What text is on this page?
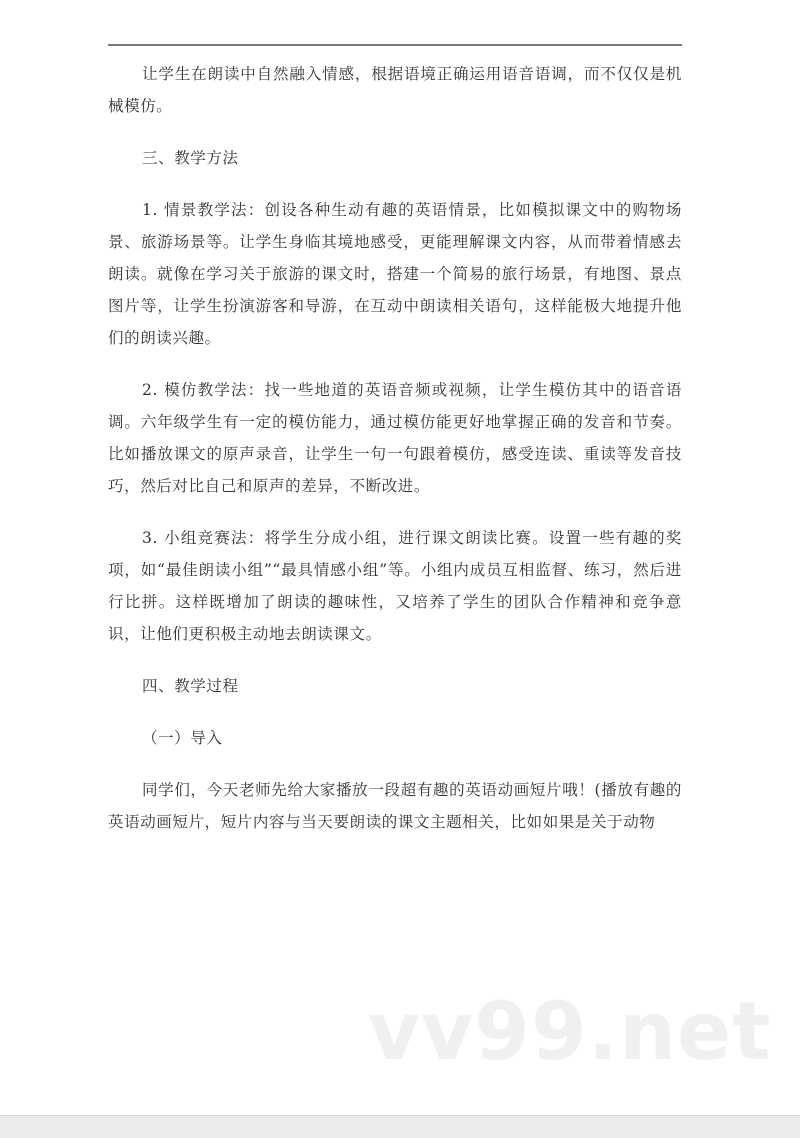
让学生在朗读中自然融入情感，根据语境正确运用语音语调，而不仅仅是机械模仿。

三、教学方法

1. 情景教学法：创设各种生动有趣的英语情景，比如模拟课文中的购物场景、旅游场景等。让学生身临其境地感受，更能理解课文内容，从而带着情感去朗读。就像在学习关于旅游的课文时，搭建一个简易的旅行场景，有地图、景点图片等，让学生扮演游客和导游，在互动中朗读相关语句，这样能极大地提升他们的朗读兴趣。

2. 模仿教学法：找一些地道的英语音频或视频，让学生模仿其中的语音语调。六年级学生有一定的模仿能力，通过模仿能更好地掌握正确的发音和节奏。比如播放课文的原声录音，让学生一句一句跟着模仿，感受连读、重读等发音技巧，然后对比自己和原声的差异，不断改进。

3. 小组竞赛法：将学生分成小组，进行课文朗读比赛。设置一些有趣的奖项，如“最佳朗读小组”“最具情感小组”等。小组内成员互相监督、练习，然后进行比拼。这样既增加了朗读的趣味性，又培养了学生的团队合作精神和竞争意识，让他们更积极主动地去朗读课文。

四、教学过程

（一）导入

同学们，今天老师先给大家播放一段超有趣的英语动画短片哦！(播放有趣的英语动画短片，短片内容与当天要朗读的课文主题相关，比如如果是关于动物

vv99.net
